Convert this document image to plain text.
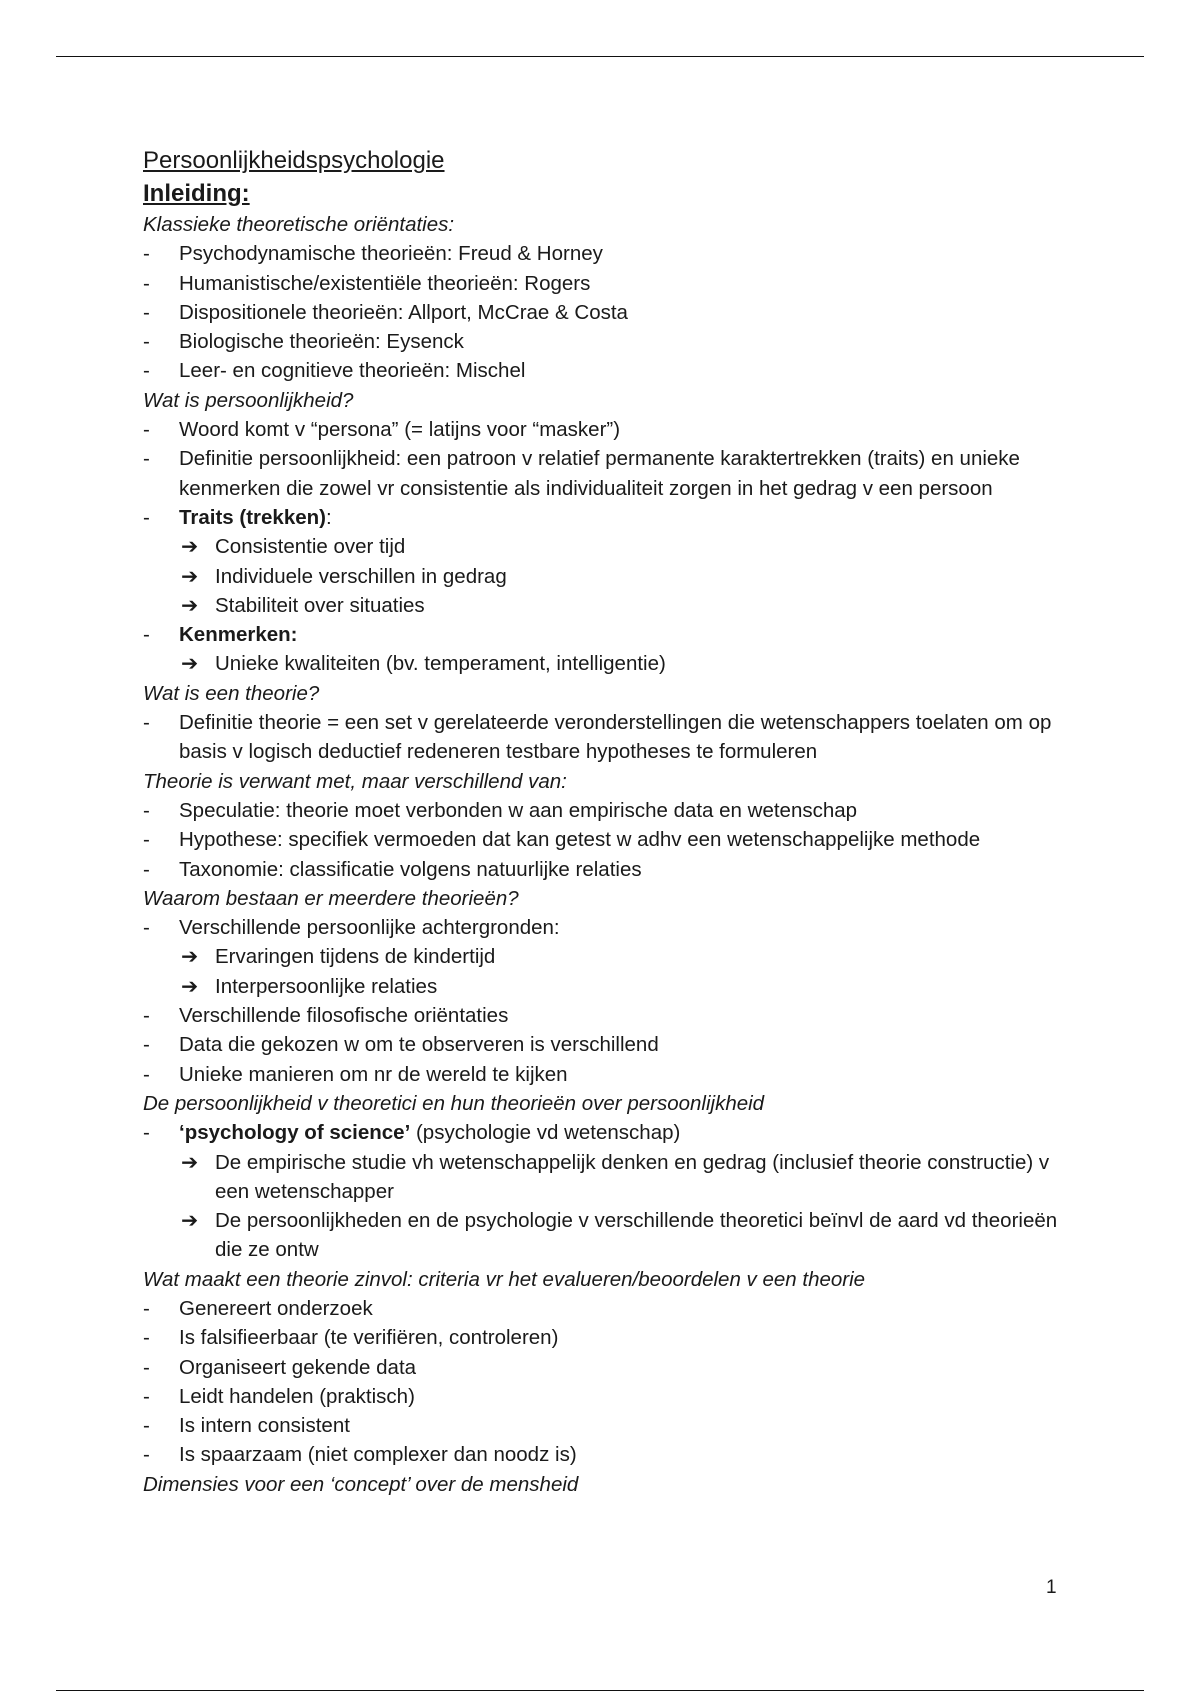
Persoonlijkheidspsychologie
Inleiding:
Klassieke theoretische oriëntaties:
- Psychodynamische theorieën: Freud & Horney
- Humanistische/existentiële theorieën: Rogers
- Dispositionele theorieën: Allport, McCrae & Costa
- Biologische theorieën: Eysenck
- Leer- en cognitieve theorieën: Mischel
Wat is persoonlijkheid?
- Woord komt v “persona” (= latijns voor “masker”)
- Definitie persoonlijkheid: een patroon v relatief permanente karaktertrekken (traits) en unieke kenmerken die zowel vr consistentie als individualiteit zorgen in het gedrag v een persoon
- Traits (trekken):
➔ Consistentie over tijd
➔ Individuele verschillen in gedrag
➔ Stabiliteit over situaties
- Kenmerken:
➔ Unieke kwaliteiten (bv. temperament, intelligentie)
Wat is een theorie?
- Definitie theorie = een set v gerelateerde veronderstellingen die wetenschappers toelaten om op basis v logisch deductief redeneren testbare hypotheses te formuleren
Theorie is verwant met, maar verschillend van:
- Speculatie: theorie moet verbonden w aan empirische data en wetenschap
- Hypothese: specifiek vermoeden dat kan getest w adhv een wetenschappelijke methode
- Taxonomie: classificatie volgens natuurlijke relaties
Waarom bestaan er meerdere theorieën?
- Verschillende persoonlijke achtergronden:
➔ Ervaringen tijdens de kindertijd
➔ Interpersoonlijke relaties
- Verschillende filosofische oriëntaties
- Data die gekozen w om te observeren is verschillend
- Unieke manieren om nr de wereld te kijken
De persoonlijkheid v theoretici en hun theorieën over persoonlijkheid
- ‘psychology of science’ (psychologie vd wetenschap)
➔ De empirische studie vh wetenschappelijk denken en gedrag (inclusief theorie constructie) v een wetenschapper
➔ De persoonlijkheden en de psychologie v verschillende theoretici beïnvl de aard vd theorieën die ze ontw
Wat maakt een theorie zinvol: criteria vr het evalueren/beoordelen v een theorie
- Genereert onderzoek
- Is falsifieerbaar (te verifiëren, controleren)
- Organiseert gekende data
- Leidt handelen (praktisch)
- Is intern consistent
- Is spaarzaam (niet complexer dan noodz is)
Dimensies voor een ‘concept’ over de mensheid
1
